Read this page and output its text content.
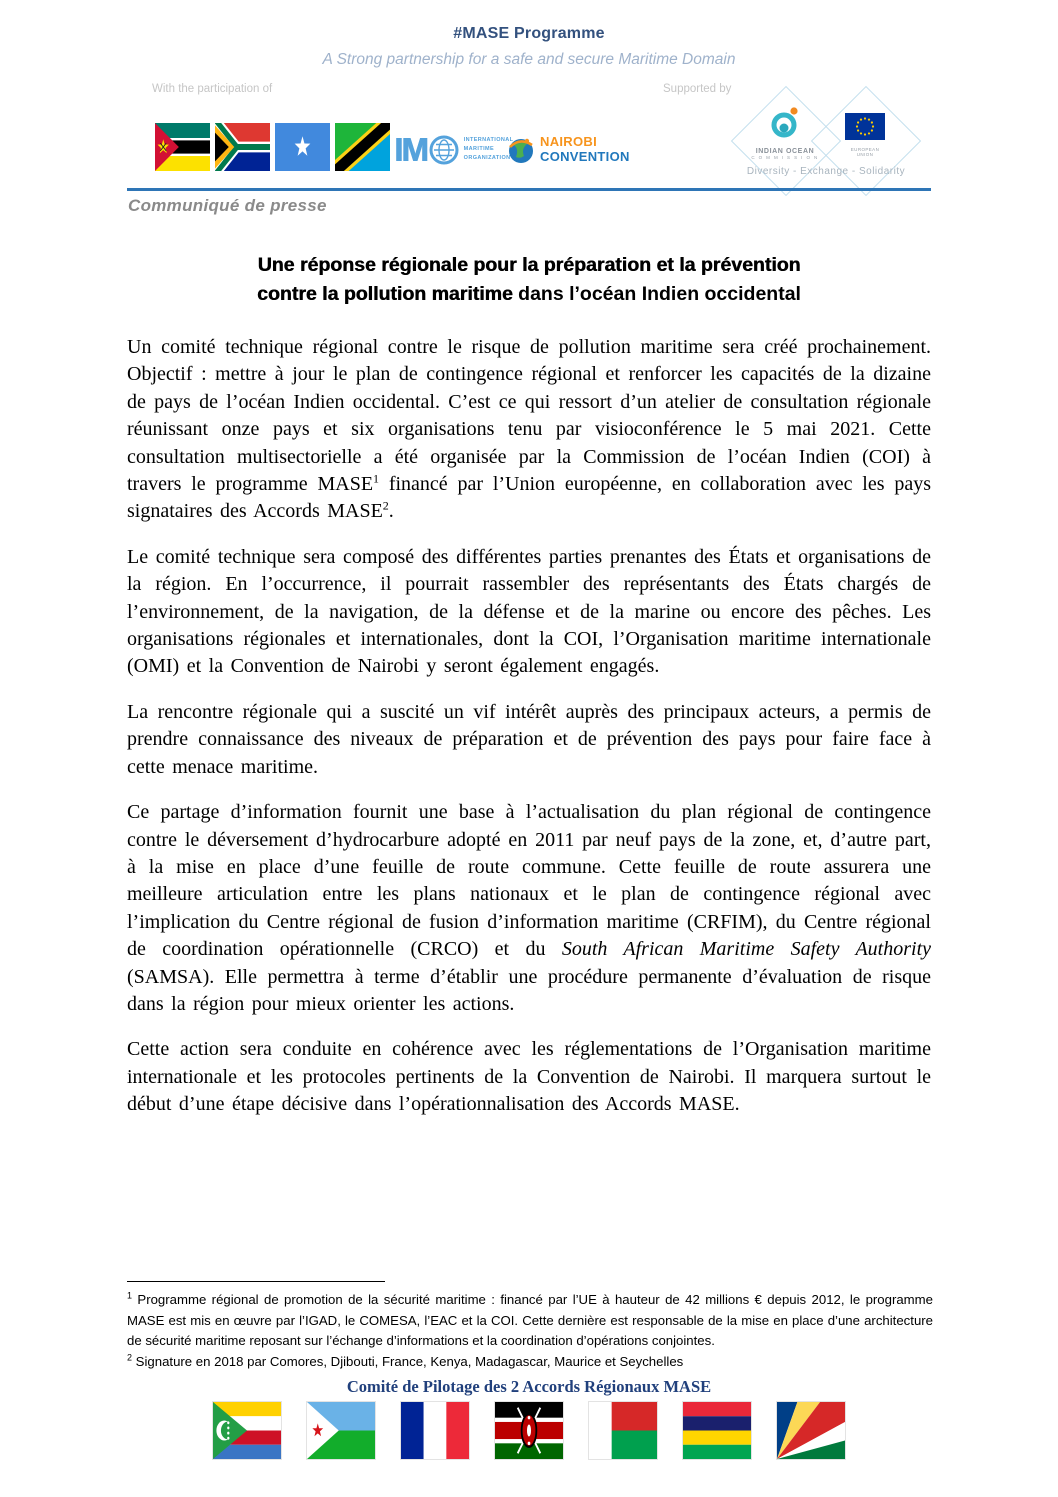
#MASE Programme
A Strong partnership for a safe and secure Maritime Domain
With the participation of	Supported by
IM	INTERNATIONAL
MARITIME
ORGANIZATION
NAIROBI
CONVENTION	INDIAN OCEAN
C O M M I S S I O N
EUROPEAN UNION
Diversity - Exchange - Solidarity
Communiqué de presse
Une réponse régionale pour la préparation et la prévention
contre la pollution maritime dans l’océan Indien occidental

Un comité technique régional contre le risque de pollution maritime sera créé prochainement. Objectif : mettre à jour le plan de contingence régional et renforcer les capacités de la dizaine de pays de l’océan Indien occidental. C’est ce qui ressort d’un atelier de consultation régionale réunissant onze pays et six organisations tenu par visioconférence le 5 mai 2021. Cette consultation multisectorielle a été organisée par la Commission de l’océan Indien (COI) à travers le programme MASE$^1$ financé par l’Union européenne, en collaboration avec les pays signataires des Accords MASE$^2$.

Le comité technique sera composé des différentes parties prenantes des États et organisations de la région. En l’occurrence, il pourrait rassembler des représentants des États chargés de l’environnement, de la navigation, de la défense et de la marine ou encore des pêches. Les organisations régionales et internationales, dont la COI, l’Organisation maritime internationale (OMI) et la Convention de Nairobi y seront également engagés.

La rencontre régionale qui a suscité un vif intérêt auprès des principaux acteurs, a permis de prendre connaissance des niveaux de préparation et de prévention des pays pour faire face à cette menace maritime.

Ce partage d’information fournit une base à l’actualisation du plan régional de contingence contre le déversement d’hydrocarbure adopté en 2011 par neuf pays de la zone, et, d’autre part, à la mise en place d’une feuille de route commune. Cette feuille de route assurera une meilleure articulation entre les plans nationaux et le plan de contingence régional avec l’implication du Centre régional de fusion d’information maritime (CRFIM), du Centre régional de coordination opérationnelle (CRCO) et du South African Maritime Safety Authority (SAMSA). Elle permettra à terme d’établir une procédure permanente d’évaluation de risque dans la région pour mieux orienter les actions.

Cette action sera conduite en cohérence avec les réglementations de l’Organisation maritime internationale et les protocoles pertinents de la Convention de Nairobi. Il marquera surtout le début d’une étape décisive dans l’opérationnalisation des Accords MASE.

$^1$ Programme régional de promotion de la sécurité maritime : financé par l’UE à hauteur de 42 millions € depuis 2012, le programme MASE est mis en œuvre par l’IGAD, le COMESA, l’EAC et la COI. Cette dernière est responsable de la mise en place d’une architecture de sécurité maritime reposant sur l’échange d’informations et la coordination d’opérations conjointes.

$^2$ Signature en 2018 par Comores, Djibouti, France, Kenya, Madagascar, Maurice et Seychelles

Comité de Pilotage des 2 Accords Régionaux MASE
